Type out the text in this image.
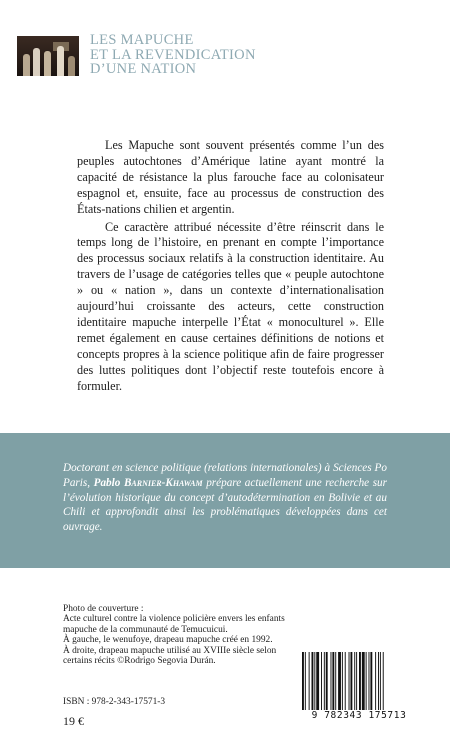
LES MAPUCHE
ET LA REVENDICATION
D’UNE NATION

Les Mapuche sont souvent présentés comme l’un des peuples autochtones d’Amérique latine ayant montré la capacité de résistance la plus farouche face au colonisateur espagnol et, ensuite, face au processus de construction des États-nations chilien et argentin.

Ce caractère attribué nécessite d’être réinscrit dans le temps long de l’histoire, en prenant en compte l’importance des processus sociaux relatifs à la construction identitaire. Au travers de l’usage de catégories telles que « peuple autochtone » ou « nation », dans un contexte d’internationalisation aujourd’hui croissante des acteurs, cette construction identitaire mapuche interpelle l’État « monoculturel ». Elle remet également en cause certaines définitions de notions et concepts propres à la science politique afin de faire progresser des luttes politiques dont l’objectif reste toutefois encore à formuler.

Doctorant en science politique (relations internationales) à Sciences Po Paris, Pablo Barnier-Khawam prépare actuellement une recherche sur l’évolution historique du concept d’autodétermination en Bolivie et au Chili et approfondit ainsi les problématiques développées dans cet ouvrage.
Photo de couverture :
Acte culturel contre la violence policière envers les enfants
mapuche de la communauté de Temucuicui.
À gauche, le wenufoye, drapeau mapuche créé en 1992.
À droite, drapeau mapuche utilisé au XVIIIe siècle selon
certains récits ©Rodrigo Segovia Durán.
ISBN : 978-2-343-17571-3
19 €	9 782343 175713
